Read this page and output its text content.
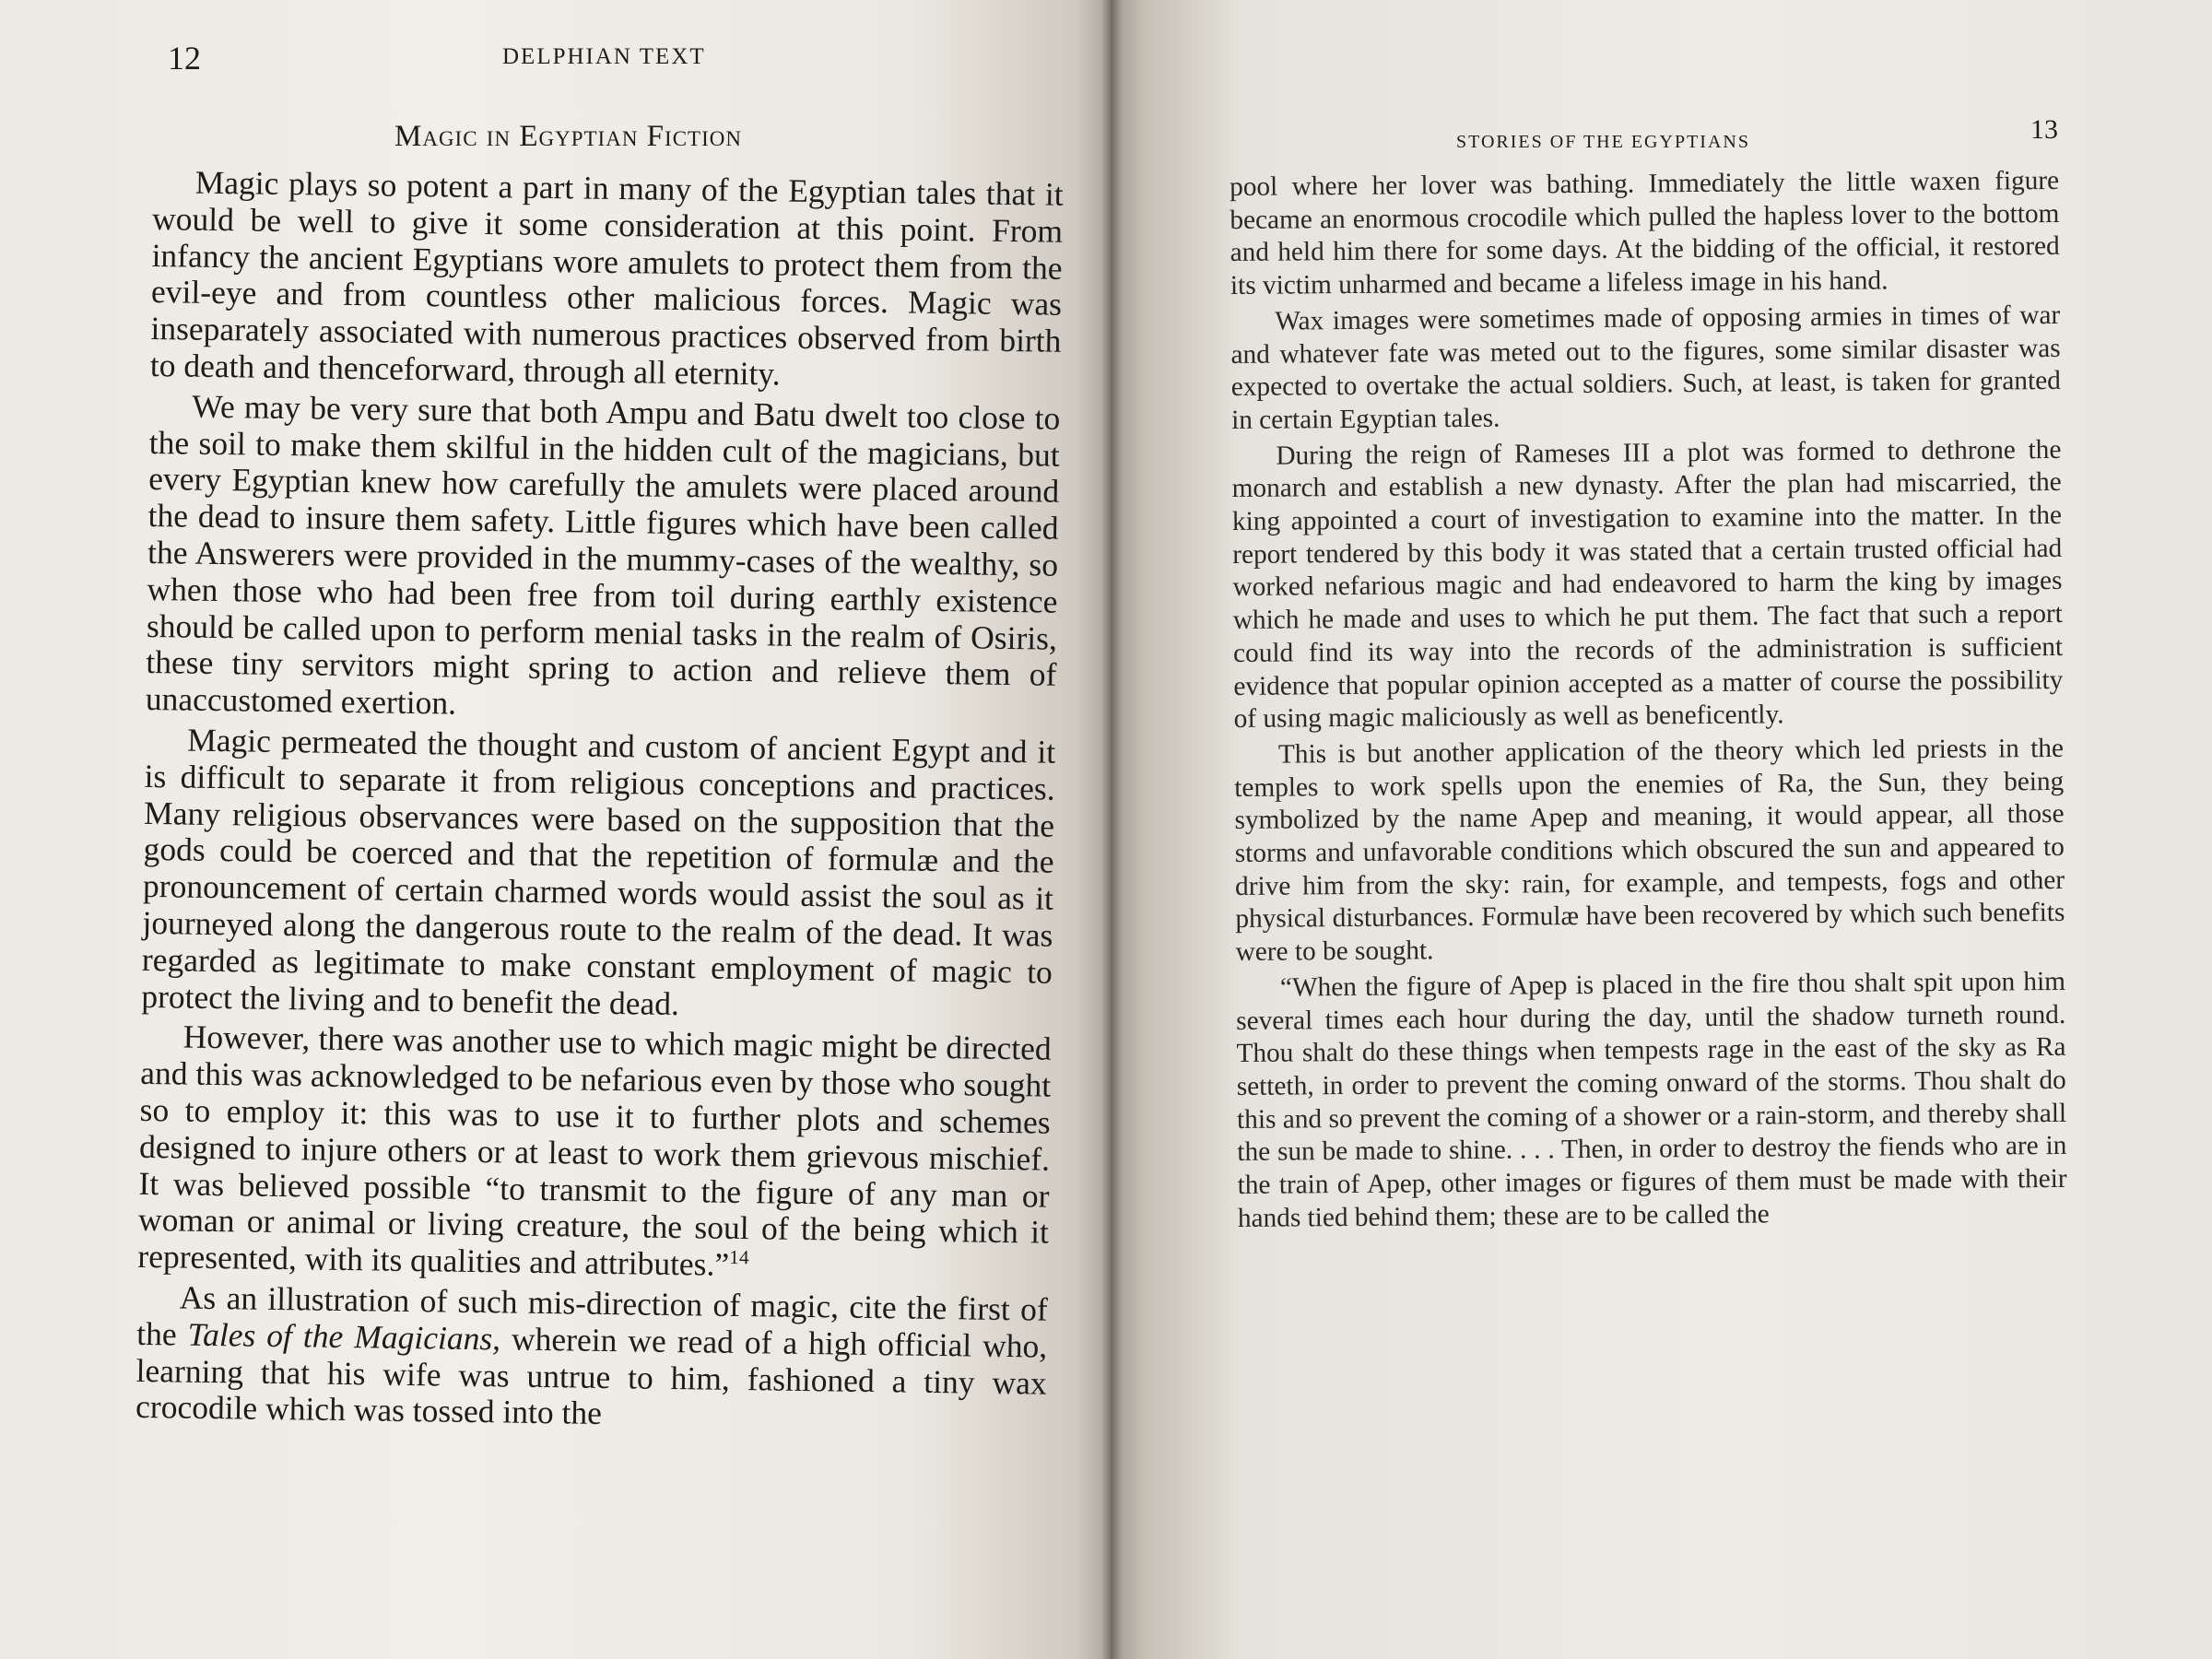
12	DELPHIAN TEXT
Magic in Egyptian Fiction

Magic plays so potent a part in many of the Egyptian tales that it would be well to give it some consideration at this point. From infancy the ancient Egyptians wore amulets to protect them from the evil-eye and from countless other malicious forces. Magic was inseparately associated with numerous practices observed from birth to death and thenceforward, through all eternity.

We may be very sure that both Ampu and Batu dwelt too close to the soil to make them skilful in the hidden cult of the magicians, but every Egyptian knew how carefully the amulets were placed around the dead to insure them safety. Little figures which have been called the Answerers were provided in the mummy-cases of the wealthy, so when those who had been free from toil during earthly existence should be called upon to perform menial tasks in the realm of Osiris, these tiny servitors might spring to action and relieve them of unaccustomed exertion.

Magic permeated the thought and custom of ancient Egypt and it is difficult to separate it from religious conceptions and practices. Many religious observances were based on the supposition that the gods could be coerced and that the repetition of formulæ and the pronouncement of certain charmed words would assist the soul as it journeyed along the dangerous route to the realm of the dead. It was regarded as legitimate to make constant employment of magic to protect the living and to benefit the dead.

However, there was another use to which magic might be directed and this was acknowledged to be nefarious even by those who sought so to employ it: this was to use it to further plots and schemes designed to injure others or at least to work them grievous mischief. It was believed possible “to transmit to the figure of any man or woman or animal or living creature, the soul of the being which it represented, with its qualities and attributes.”$^{14}$

As an illustration of such mis-direction of magic, cite the first of the Tales of the Magicians, wherein we read of a high official who, learning that his wife was untrue to him, fashioned a tiny wax crocodile which was tossed into the

STORIES OF THE EGYPTIANS	13

pool where her lover was bathing. Immediately the little waxen figure became an enormous crocodile which pulled the hapless lover to the bottom and held him there for some days. At the bidding of the official, it restored its victim unharmed and became a lifeless image in his hand.

Wax images were sometimes made of opposing armies in times of war and whatever fate was meted out to the figures, some similar disaster was expected to overtake the actual soldiers. Such, at least, is taken for granted in certain Egyptian tales.

During the reign of Rameses III a plot was formed to dethrone the monarch and establish a new dynasty. After the plan had miscarried, the king appointed a court of investigation to examine into the matter. In the report tendered by this body it was stated that a certain trusted official had worked nefarious magic and had endeavored to harm the king by images which he made and uses to which he put them. The fact that such a report could find its way into the records of the administration is sufficient evidence that popular opinion accepted as a matter of course the possibility of using magic maliciously as well as beneficently.

This is but another application of the theory which led priests in the temples to work spells upon the enemies of Ra, the Sun, they being symbolized by the name Apep and meaning, it would appear, all those storms and unfavorable conditions which obscured the sun and appeared to drive him from the sky: rain, for example, and tempests, fogs and other physical disturbances. Formulæ have been recovered by which such benefits were to be sought.

“When the figure of Apep is placed in the fire thou shalt spit upon him several times each hour during the day, until the shadow turneth round. Thou shalt do these things when tempests rage in the east of the sky as Ra setteth, in order to prevent the coming onward of the storms. Thou shalt do this and so prevent the coming of a shower or a rain-storm, and thereby shall the sun be made to shine. . . . Then, in order to destroy the fiends who are in the train of Apep, other images or figures of them must be made with their hands tied behind them; these are to be called the
